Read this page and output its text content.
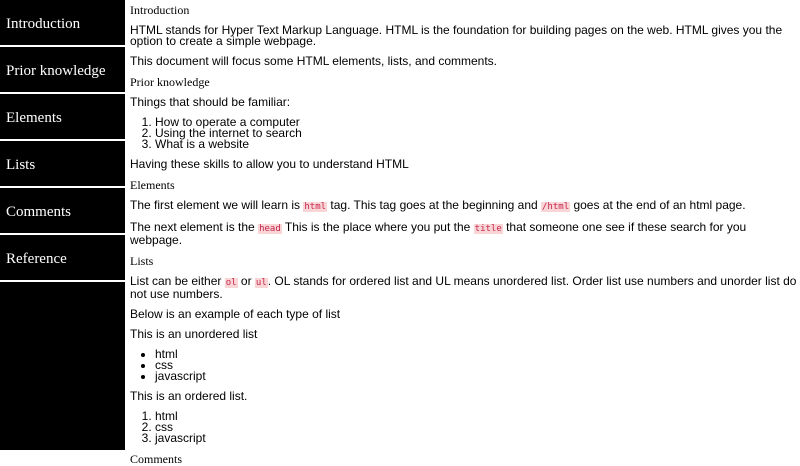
Introduction
Prior knowledge
Elements
Lists
Comments
Reference
Introduction

HTML stands for Hyper Text Markup Language. HTML is the foundation for building pages on the web. HTML gives you the option to create a simple webpage.

This document will focus some HTML elements, lists, and comments.

Prior knowledge

Things that should be familiar:

1. How to operate a computer
2. Using the internet to search
3. What is a website

Having these skills to allow you to understand HTML

Elements

The first element we will learn is html tag. This tag goes at the beginning and /html goes at the end of an html page.

The next element is the head This is the place where you put the title that someone one see if these search for you webpage.

Lists

List can be either ol or ul. OL stands for ordered list and UL means unordered list. Order list use numbers and unorder list do not use numbers.

Below is an example of each type of list

This is an unordered list

• html
• css
• javascript

This is an ordered list.

1. html
2. css
3. javascript
Comments
